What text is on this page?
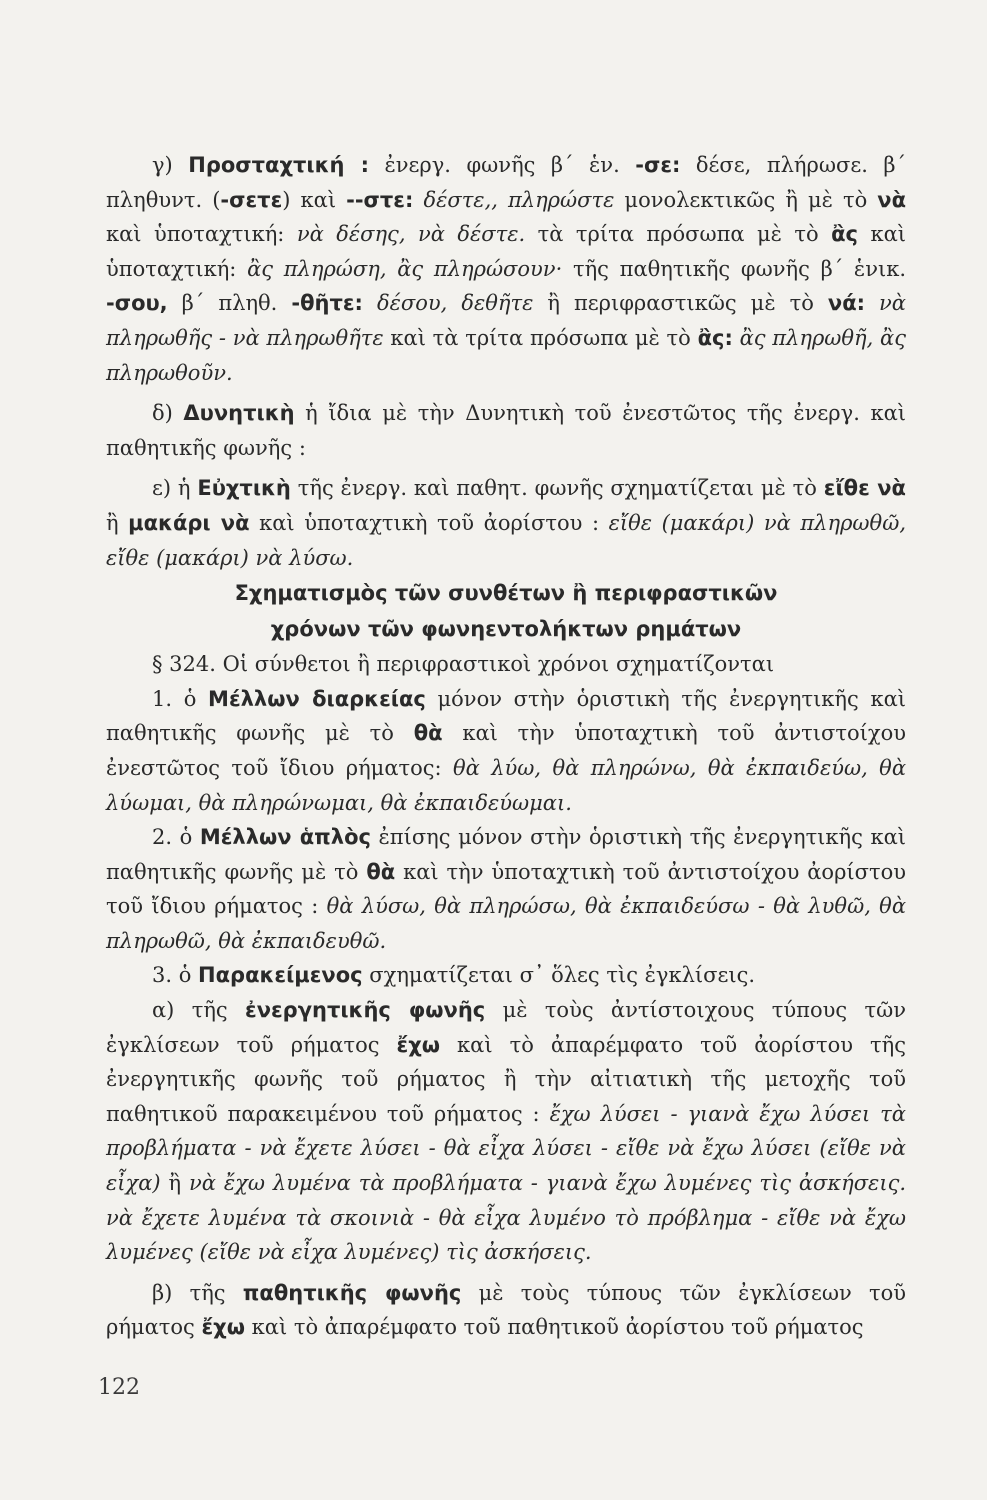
γ) Προσταχτική : ἐνεργ. φωνῆς β΄ ἑν. -σε: δέσε, πλήρωσε. β΄ πληθυντ. (-σετε) καὶ --στε: δέστε,, πληρώστε μονολεκτικῶς ἢ μὲ τὸ νὰ καὶ ὑποταχτική: νὰ δέσης, νὰ δέστε. τὰ τρίτα πρόσωπα μὲ τὸ ἂς καὶ ὑποταχτική: ἂς πληρώση, ἂς πληρώσουν· τῆς παθητικῆς φωνῆς β΄ ἑνικ. -σου, β΄ πληθ. -θῆτε: δέσου, δεθῆτε ἢ περιφραστικῶς μὲ τὸ νά: νὰ πληρωθῆς - νὰ πληρωθῆτε καὶ τὰ τρίτα πρόσωπα μὲ τὸ ἂς: ἂς πληρωθῆ, ἂς πληρωθοῦν.

δ) Δυνητικὴ ἡ ἴδια μὲ τὴν Δυνητικὴ τοῦ ἐνεστῶτος τῆς ἐνεργ. καὶ παθητικῆς φωνῆς :

ε) ἡ Εὐχτικὴ τῆς ἐνεργ. καὶ παθητ. φωνῆς σχηματίζεται μὲ τὸ εἴθε νὰ ἢ μακάρι νὰ καὶ ὑποταχτικὴ τοῦ ἀορίστου : εἴθε (μακάρι) νὰ πληρωθῶ, εἴθε (μακάρι) νὰ λύσω.

Σχηματισμὸς τῶν συνθέτων ἢ περιφραστικῶν

χρόνων τῶν φωνηεντολήκτων ρημάτων

§ 324. Οἱ σύνθετοι ἢ περιφραστικοὶ χρόνοι σχηματίζονται

1. ὁ Μέλλων διαρκείας μόνον στὴν ὁριστικὴ τῆς ἐνεργητικῆς καὶ παθητικῆς φωνῆς μὲ τὸ θὰ καὶ τὴν ὑποταχτικὴ τοῦ ἀντιστοίχου ἐνεστῶτος τοῦ ἴδιου ρήματος: θὰ λύω, θὰ πληρώνω, θὰ ἐκπαιδεύω, θὰ λύωμαι, θὰ πληρώνωμαι, θὰ ἐκπαιδεύωμαι.

2. ὁ Μέλλων ἁπλὸς ἐπίσης μόνον στὴν ὁριστικὴ τῆς ἐνεργητικῆς καὶ παθητικῆς φωνῆς μὲ τὸ θὰ καὶ τὴν ὑποταχτικὴ τοῦ ἀντιστοίχου ἀορίστου τοῦ ἴδιου ρήματος : θὰ λύσω, θὰ πληρώσω, θὰ ἐκπαιδεύσω - θὰ λυθῶ, θὰ πληρωθῶ, θὰ ἐκπαιδευθῶ.

3. ὁ Παρακείμενος σχηματίζεται σ᾽ ὅλες τὶς ἐγκλίσεις.

α) τῆς ἐνεργητικῆς φωνῆς μὲ τοὺς ἀντίστοιχους τύπους τῶν ἐγκλίσεων τοῦ ρήματος ἔχω καὶ τὸ ἀπαρέμφατο τοῦ ἀορίστου τῆς ἐνεργητικῆς φωνῆς τοῦ ρήματος ἢ τὴν αἰτιατικὴ τῆς μετοχῆς τοῦ παθητικοῦ παρακειμένου τοῦ ρήματος : ἔχω λύσει - γιανὰ ἔχω λύσει τὰ προβλήματα - νὰ ἔχετε λύσει - θὰ εἶχα λύσει - εἴθε νὰ ἔχω λύσει (εἴθε νὰ εἶχα) ἢ νὰ ἔχω λυμένα τὰ προβλήματα - γιανὰ ἔχω λυμένες τὶς ἀσκήσεις. νὰ ἔχετε λυμένα τὰ σκοινιὰ - θὰ εἶχα λυμένο τὸ πρόβλημα - εἴθε νὰ ἔχω λυμένες (εἴθε νὰ εἶχα λυμένες) τὶς ἀσκήσεις.

β) τῆς παθητικῆς φωνῆς μὲ τοὺς τύπους τῶν ἐγκλίσεων τοῦ ρήματος ἔχω καὶ τὸ ἀπαρέμφατο τοῦ παθητικοῦ ἀορίστου τοῦ ρήματος

122
